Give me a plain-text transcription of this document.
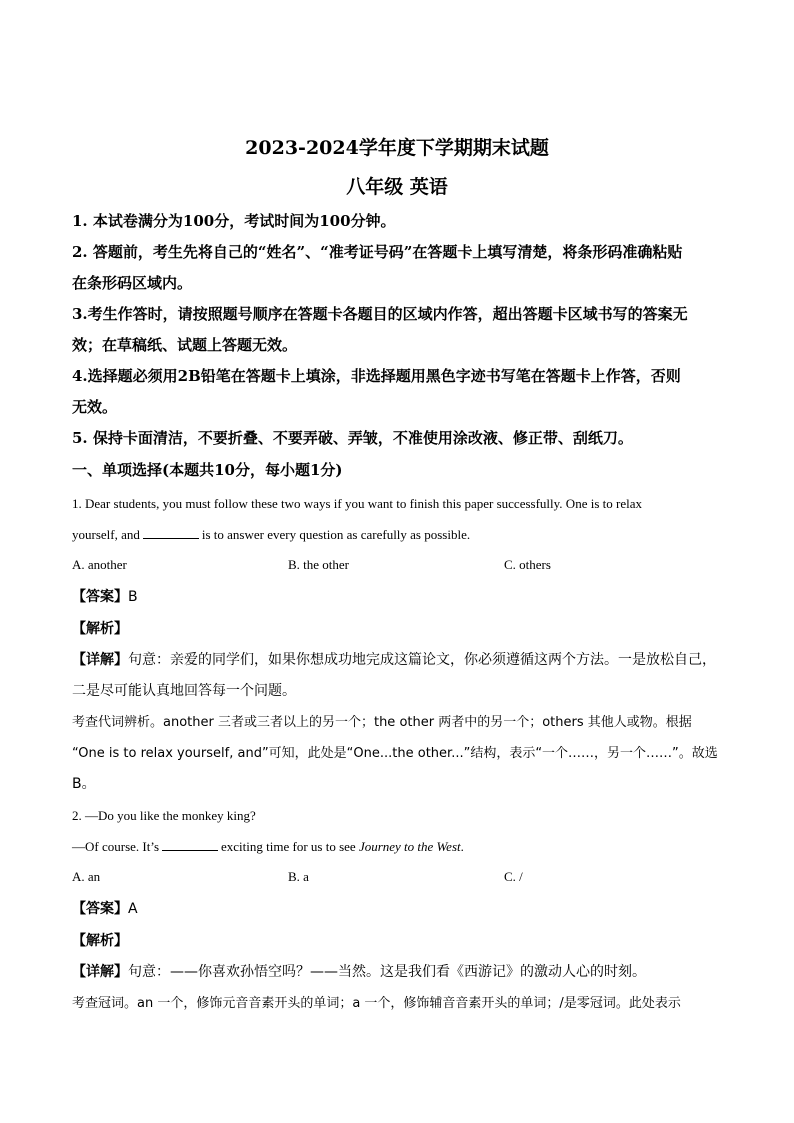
2023-2024学年度下学期期末试题
八年级 英语
1. 本试卷满分为100分，考试时间为100分钟。
2. 答题前，考生先将自己的“姓名”、“准考证号码”在答题卡上填写清楚，将条形码准确粘贴
在条形码区域内。
3.考生作答时，请按照题号顺序在答题卡各题目的区域内作答，超出答题卡区域书写的答案无
效；在草稿纸、试题上答题无效。
4.选择题必须用2B铅笔在答题卡上填涂，非选择题用黑色字迹书写笔在答题卡上作答，否则
无效。
5. 保持卡面清洁，不要折叠、不要弄破、弄皱，不准使用涂改液、修正带、刮纸刀。
一、单项选择(本题共10分，每小题1分)
1. Dear students, you must follow these two ways if you want to finish this paper successfully. One is to relax
yourself, and	is to answer every question as carefully as possible.
A. another	B. the other	C. others
【答案】B
【解析】
【详解】句意：亲爱的同学们，如果你想成功地完成这篇论文，你必须遵循这两个方法。一是放松自己，
二是尽可能认真地回答每一个问题。
考查代词辨析。another 三者或三者以上的另一个；the other 两者中的另一个；others 其他人或物。根据
“One is to relax yourself, and”可知，此处是“One...the other...”结构，表示“一个……，另一个……”。故选
B。
2. —Do you like the monkey king?
—Of course. It’s	exciting time for us to see Journey to the West.
A. an	B. a	C. /
【答案】A
【解析】
【详解】句意：——你喜欢孙悟空吗？——当然。这是我们看《西游记》的激动人心的时刻。
考查冠词。an 一个，修饰元音音素开头的单词；a 一个，修饰辅音音素开头的单词；/是零冠词。此处表示
